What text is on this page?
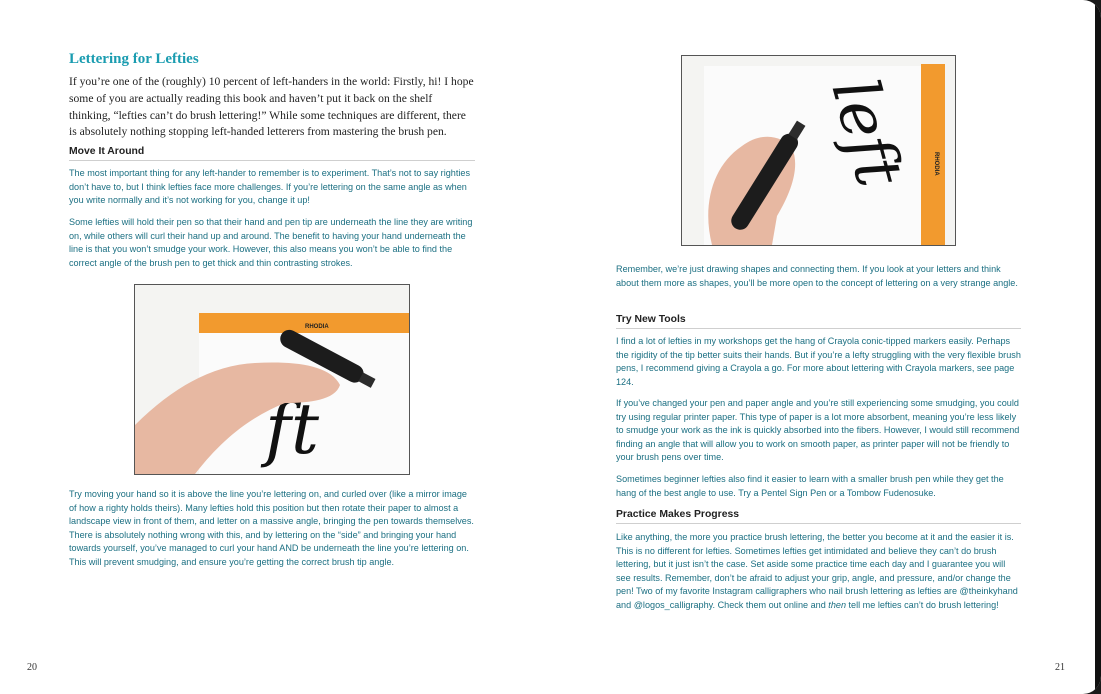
Lettering for Lefties

If you’re one of the (roughly) 10 percent of left-handers in the world: Firstly, hi! I hope some of you are actually reading this book and haven’t put it back on the shelf thinking, “lefties can’t do brush lettering!” While some techniques are different, there is absolutely nothing stopping left-handed letterers from mastering the brush pen.

Move It Around

The most important thing for any left-hander to remember is to experiment. That’s not to say righties don’t have to, but I think lefties face more challenges. If you’re lettering on the same angle as when you write normally and it’s not working for you, change it up!

Some lefties will hold their pen so that their hand and pen tip are underneath the line they are writing on, while others will curl their hand up and around. The benefit to having your hand underneath the line is that you won’t smudge your work. However, this also means you won’t be able to find the correct angle of the brush pen to get thick and thin contrasting strokes.

RHODIA
ft

Try moving your hand so it is above the line you’re lettering on, and curled over (like a mirror image of how a righty holds theirs). Many lefties hold this position but then rotate their paper to almost a landscape view in front of them, and letter on a massive angle, bringing the pen towards themselves. There is absolutely nothing wrong with this, and by lettering on the “side” and bringing your hand towards yourself, you’ve managed to curl your hand AND be underneath the line you’re lettering on. This will prevent smudging, and ensure you’re getting the correct brush tip angle.

20
RHODIA
left

Remember, we’re just drawing shapes and connecting them. If you look at your letters and think about them more as shapes, you’ll be more open to the concept of lettering on a very strange angle.

Try New Tools

I find a lot of lefties in my workshops get the hang of Crayola conic-tipped markers easily. Perhaps the rigidity of the tip better suits their hands. But if you’re a lefty struggling with the very flexible brush pens, I recommend giving a Crayola a go. For more about lettering with Crayola markers, see page 124.

If you’ve changed your pen and paper angle and you’re still experiencing some smudging, you could try using regular printer paper. This type of paper is a lot more absorbent, meaning you’re less likely to smudge your work as the ink is quickly absorbed into the fibers. However, I would still recommend finding an angle that will allow you to work on smooth paper, as printer paper will not be friendly to your brush pens over time.

Sometimes beginner lefties also find it easier to learn with a smaller brush pen while they get the hang of the best angle to use. Try a Pentel Sign Pen or a Tombow Fudenosuke.

Practice Makes Progress

Like anything, the more you practice brush lettering, the better you become at it and the easier it is. This is no different for lefties. Sometimes lefties get intimidated and believe they can’t do brush lettering, but it just isn’t the case. Set aside some practice time each day and I guarantee you will see results. Remember, don’t be afraid to adjust your grip, angle, and pressure, and/or change the pen! Two of my favorite Instagram calligraphers who nail brush lettering as lefties are @theinkyhand and @logos_calligraphy. Check them out online and then tell me lefties can’t do brush lettering!

21
